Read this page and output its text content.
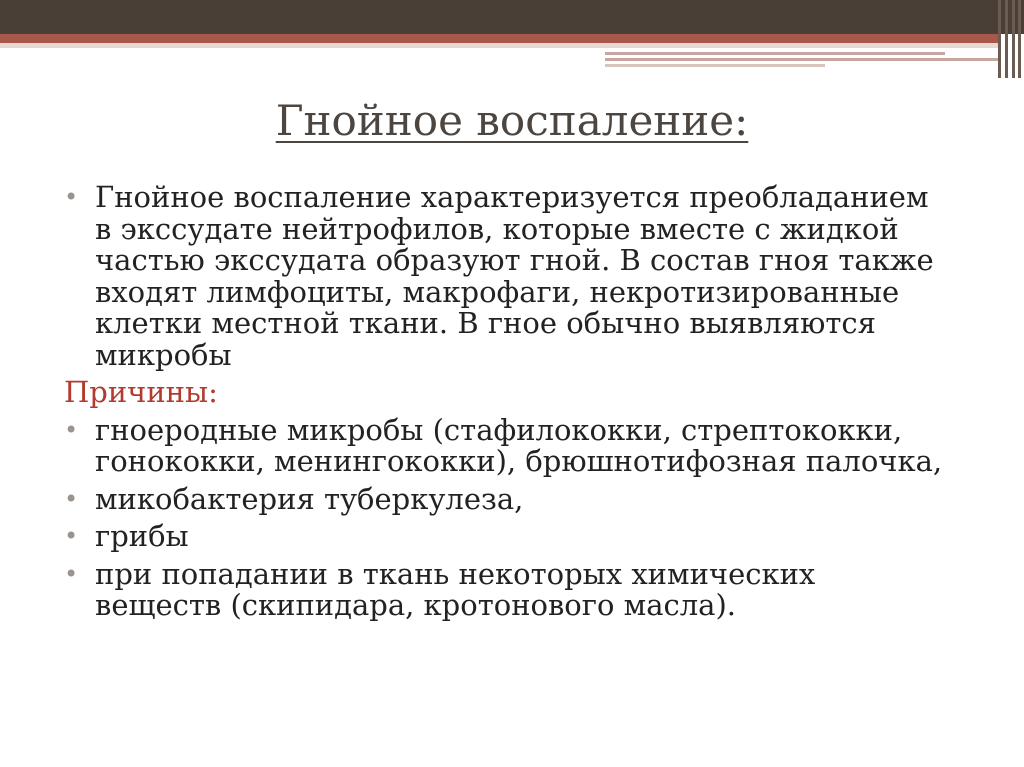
Гнойное воспаление:
• Гнойное воспаление характеризуется преобладанием в экссудате нейтрофилов, которые вместе с жидкой частью экссудата образуют гной. В состав гноя также входят лимфоциты, макрофаги, некротизированные клетки местной ткани. В гное обычно выявляются микробы
Причины:
• гноеродные микробы (стафилококки, стрептококки, гонококки, менингококки), брюшнотифозная палочка,
• микобактерия туберкулеза,
• грибы
• при попадании в ткань некоторых химических веществ (скипидара, кротонового масла).
